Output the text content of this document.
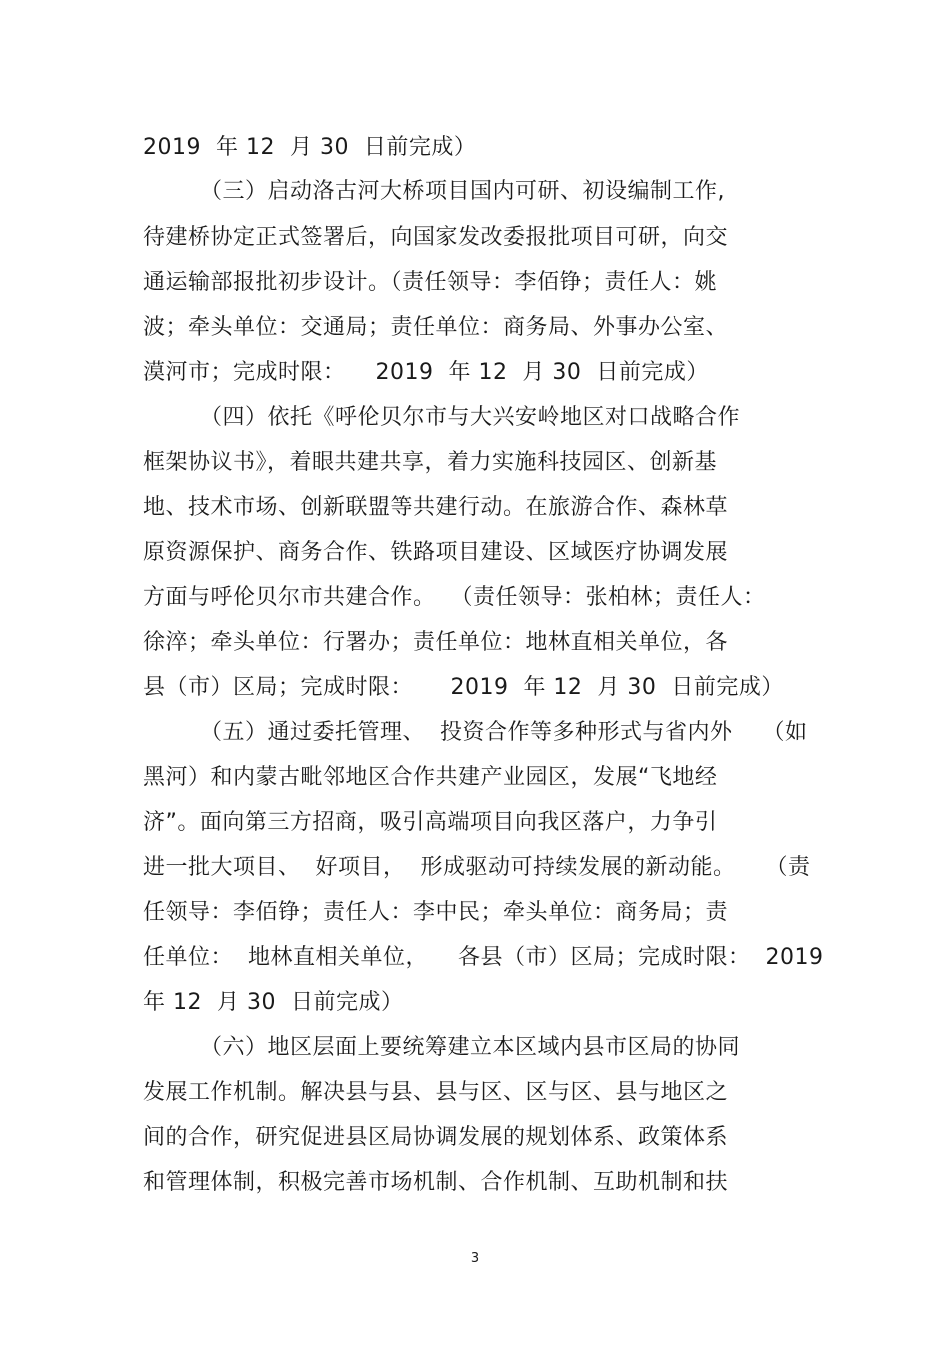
2019  年 12  月 30  日前完成）
（三）启动洛古河大桥项目国内可研、初设编制工作,
待建桥协定正式签署后，向国家发改委报批项目可研，向交
通运输部报批初步设计。（责任领导：李佰铮；责任人：姚
波；牵头单位：交通局；责任单位：商务局、外事办公室、
漠河市；完成时限：    2019  年 12  月 30  日前完成）
（四）依托《呼伦贝尔市与大兴安岭地区对口战略合作
框架协议书》，着眼共建共享，着力实施科技园区、创新基
地、技术市场、创新联盟等共建行动。在旅游合作、森林草
原资源保护、商务合作、铁路项目建设、区域医疗协调发展
方面与呼伦贝尔市共建合作。  （责任领导：张柏林；责任人：
徐淬；牵头单位：行署办；责任单位：地林直相关单位，各
县（市）区局；完成时限：     2019  年 12  月 30  日前完成）
（五）通过委托管理、  投资合作等多种形式与省内外    （如
黑河）和内蒙古毗邻地区合作共建产业园区，发展“飞地经
济”。面向第三方招商，吸引高端项目向我区落户，力争引
进一批大项目、  好项目，  形成驱动可持续发展的新动能。    （责
任领导：李佰铮；责任人：李中民；牵头单位：商务局；责
任单位：  地林直相关单位，    各县（市）区局；完成时限：  2019
年 12  月 30  日前完成）
（六）地区层面上要统筹建立本区域内县市区局的协同
发展工作机制。解决县与县、县与区、区与区、县与地区之
间的合作，研究促进县区局协调发展的规划体系、政策体系
和管理体制，积极完善市场机制、合作机制、互助机制和扶
3
